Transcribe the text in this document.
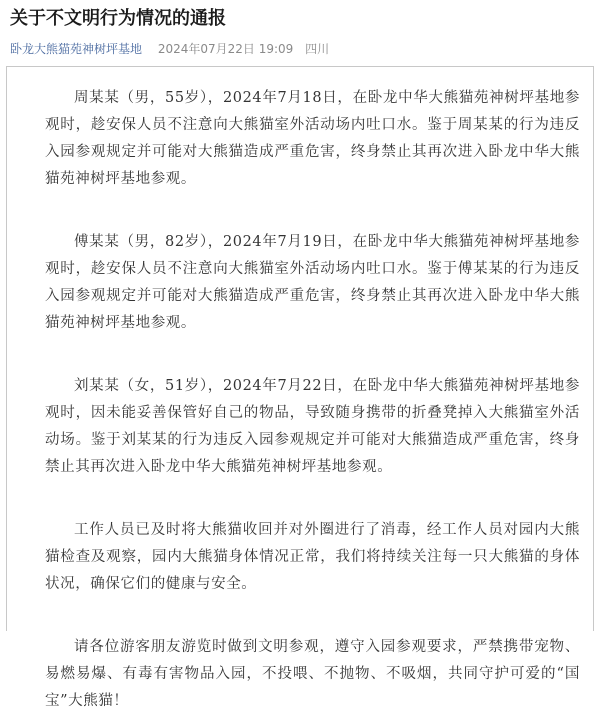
关于不文明行为情况的通报
卧龙大熊猫苑神树坪基地 2024年07月22日 19:09 四川

周某某（男，55岁），2024年7月18日，在卧龙中华大熊猫苑神树坪基地参观时，趁安保人员不注意向大熊猫室外活动场内吐口水。鉴于周某某的行为违反入园参观规定并可能对大熊猫造成严重危害，终身禁止其再次进入卧龙中华大熊猫苑神树坪基地参观。

傅某某（男，82岁），2024年7月19日，在卧龙中华大熊猫苑神树坪基地参观时，趁安保人员不注意向大熊猫室外活动场内吐口水。鉴于傅某某的行为违反入园参观规定并可能对大熊猫造成严重危害，终身禁止其再次进入卧龙中华大熊猫苑神树坪基地参观。

刘某某（女，51岁），2024年7月22日，在卧龙中华大熊猫苑神树坪基地参观时，因未能妥善保管好自己的物品，导致随身携带的折叠凳掉入大熊猫室外活动场。鉴于刘某某的行为违反入园参观规定并可能对大熊猫造成严重危害，终身禁止其再次进入卧龙中华大熊猫苑神树坪基地参观。

工作人员已及时将大熊猫收回并对外圈进行了消毒，经工作人员对园内大熊猫检查及观察，园内大熊猫身体情况正常，我们将持续关注每一只大熊猫的身体状况，确保它们的健康与安全。

请各位游客朋友游览时做到文明参观，遵守入园参观要求，严禁携带宠物、易燃易爆、有毒有害物品入园，不投喂、不抛物、不吸烟，共同守护可爱的“国宝”大熊猫！
